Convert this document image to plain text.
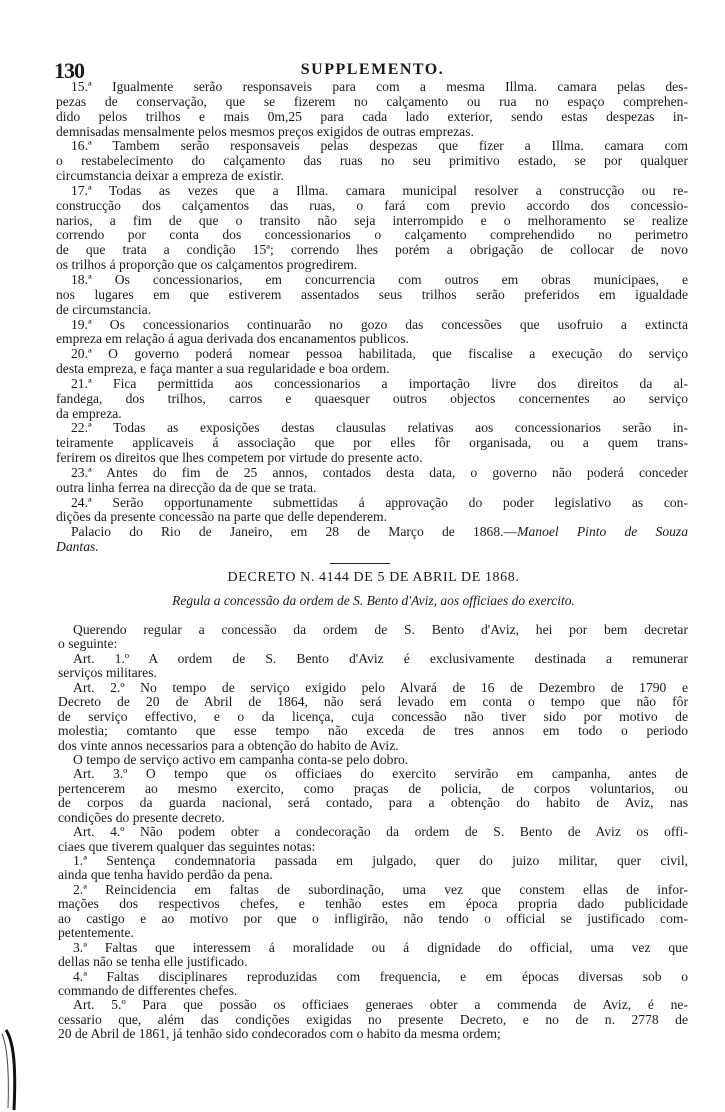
130	SUPPLEMENTO.
15.ª Igualmente serão responsaveis para com a mesma Illma. camara pelas des-
pezas de conservação, que se fizerem no calçamento ou rua no espaço comprehen-
dido pelos trilhos e mais 0m,25 para cada lado exterior, sendo estas despezas in-
demnisadas mensalmente pelos mesmos preços exigidos de outras emprezas.
16.ª Tambem serão responsaveis pelas despezas que fizer a Illma. camara com
o restabelecimento do calçamento das ruas no seu primitivo estado, se por qualquer
circumstancia deixar a empreza de existir.
17.ª Todas as vezes que a Illma. camara municipal resolver a construcção ou re-
construcção dos calçamentos das ruas, o fará com previo accordo dos concessio-
narios, a fim de que o transito não seja interrompido e o melhoramento se realize
correndo por conta dos concessionarios o calçamento comprehendido no perimetro
de que trata a condição 15ª; correndo lhes porém a obrigação de collocar de novo
os trilhos á proporção que os calçamentos progredirem.
18.ª Os concessionarios, em concurrencia com outros em obras municipaes, e
nos lugares em que estiverem assentados seus trilhos serão preferidos em igualdade
de circumstancia.
19.ª Os concessionarios continuarão no gozo das concessões que usofruio a extincta
empreza em relação á agua derivada dos encanamentos publicos.
20.ª O governo poderá nomear pessoa habilitada, que fiscalise a execução do serviço
desta empreza, e faça manter a sua regularidade e boa ordem.
21.ª Fica permittida aos concessionarios a importação livre dos direitos da al-
fandega, dos trilhos, carros e quaesquer outros objectos concernentes ao serviço
da empreza.
22.ª Todas as exposições destas clausulas relativas aos concessionarios serão in-
teiramente applicaveis á associação que por elles fôr organisada, ou a quem trans-
ferirem os direitos que lhes competem por virtude do presente acto.
23.ª Antes do fim de 25 annos, contados desta data, o governo não poderá conceder
outra linha ferrea na direcção da de que se trata.
24.ª Serão opportunamente submettidas á approvação do poder legislativo as con-
dições da presente concessão na parte que delle dependerem.
Palacio do Rio de Janeiro, em 28 de Março de 1868.—Manoel Pinto de Souza
Dantas.
DECRETO N. 4144 DE 5 DE ABRIL DE 1868.
Regula a concessão da ordem de S. Bento d'Aviz, aos officiaes do exercito.
Querendo regular a concessão da ordem de S. Bento d'Aviz, hei por bem decretar
o seguinte:
Art. 1.º A ordem de S. Bento d'Aviz é exclusivamente destinada a remunerar
serviços militares.
Art. 2.º No tempo de serviço exigido pelo Alvará de 16 de Dezembro de 1790 e
Decreto de 20 de Abril de 1864, não será levado em conta o tempo que não fôr
de serviço effectivo, e o da licença, cuja concessão não tiver sido por motivo de
molestia; comtanto que esse tempo não exceda de tres annos em todo o periodo
dos vinte annos necessarios para a obtenção do habito de Aviz.
O tempo de serviço activo em campanha conta-se pelo dobro.
Art. 3.º O tempo que os officiaes do exercito servirão em campanha, antes de
pertencerem ao mesmo exercito, como praças de policia, de corpos voluntarios, ou
de corpos da guarda nacional, será contado, para a obtenção do habito de Aviz, nas
condições do presente decreto.
Art. 4.º Não podem obter a condecoração da ordem de S. Bento de Aviz os offi-
ciaes que tiverem qualquer das seguintes notas:
1.ª Sentença condemnatoria passada em julgado, quer do juizo militar, quer civil,
ainda que tenha havido perdão da pena.
2.ª Reincidencia em faltas de subordinação, uma vez que constem ellas de infor-
mações dos respectivos chefes, e tenhão estes em época propria dado publicidade
ao castigo e ao motivo por que o infligirão, não tendo o official se justificado com-
petentemente.
3.ª Faltas que interessem á moralidade ou á dignidade do official, uma vez que
dellas não se tenha elle justificado.
4.ª Faltas disciplinares reproduzidas com frequencia, e em épocas diversas sob o
commando de differentes chefes.
Art. 5.º Para que possão os officiaes generaes obter a commenda de Aviz, é ne-
cessario que, além das condições exigidas no presente Decreto, e no de n. 2778 de
20 de Abril de 1861, já tenhão sido condecorados com o habito da mesma ordem;
